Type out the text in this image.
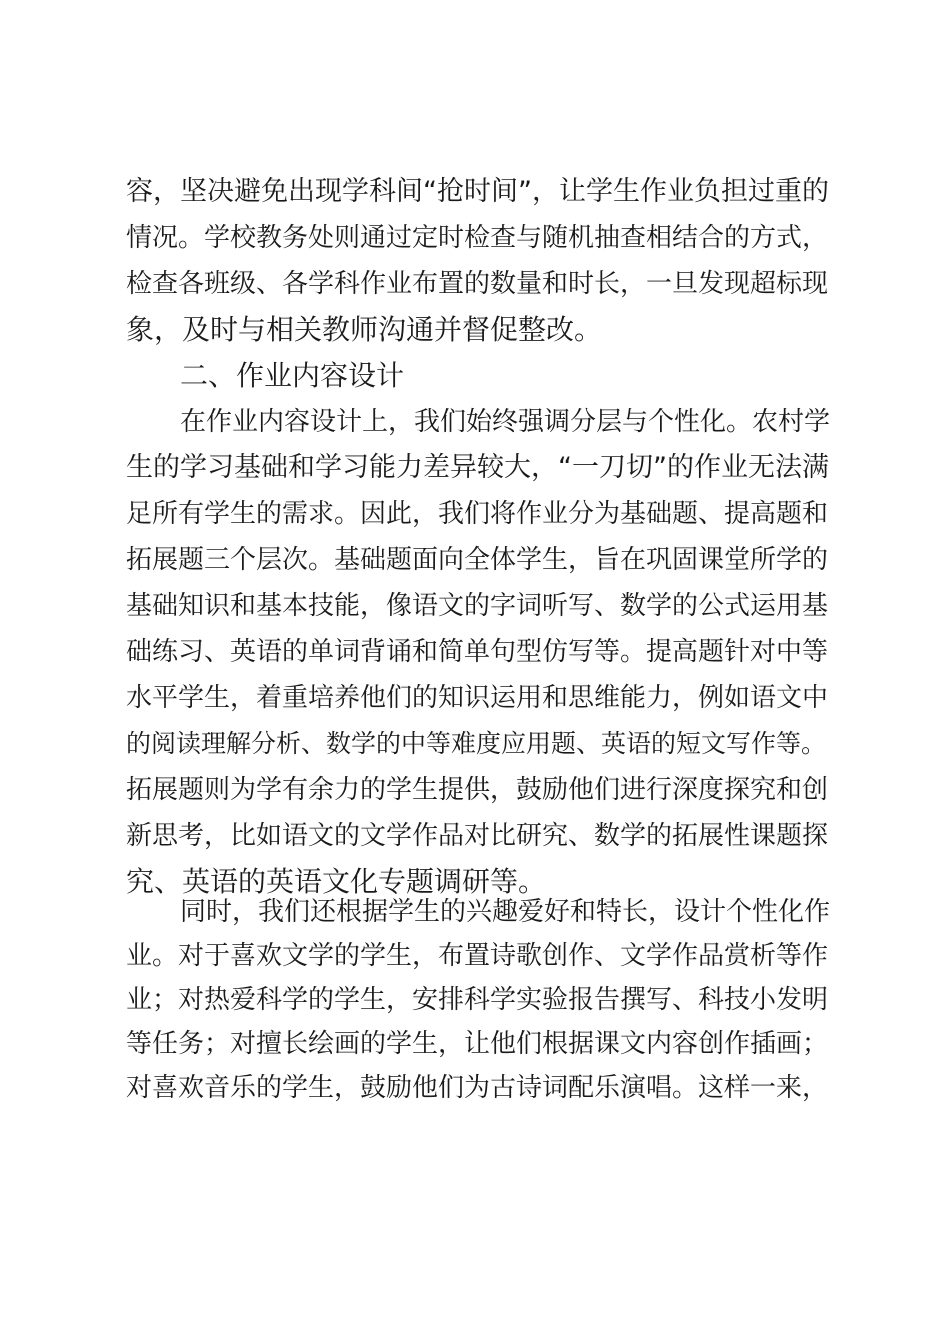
容，坚决避免出现学科间“抢时间”，让学生作业负担过重的
情况。学校教务处则通过定时检查与随机抽查相结合的方式，
检查各班级、各学科作业布置的数量和时长，一旦发现超标现
象，及时与相关教师沟通并督促整改。
二、作业内容设计
在作业内容设计上，我们始终强调分层与个性化。农村学
生的学习基础和学习能力差异较大，“一刀切”的作业无法满
足所有学生的需求。因此，我们将作业分为基础题、提高题和
拓展题三个层次。基础题面向全体学生，旨在巩固课堂所学的
基础知识和基本技能，像语文的字词听写、数学的公式运用基
础练习、英语的单词背诵和简单句型仿写等。提高题针对中等
水平学生，着重培养他们的知识运用和思维能力，例如语文中
的阅读理解分析、数学的中等难度应用题、英语的短文写作等。
拓展题则为学有余力的学生提供，鼓励他们进行深度探究和创
新思考，比如语文的文学作品对比研究、数学的拓展性课题探
究、英语的英语文化专题调研等。
同时，我们还根据学生的兴趣爱好和特长，设计个性化作
业。对于喜欢文学的学生，布置诗歌创作、文学作品赏析等作
业；对热爱科学的学生，安排科学实验报告撰写、科技小发明
等任务；对擅长绘画的学生，让他们根据课文内容创作插画；
对喜欢音乐的学生，鼓励他们为古诗词配乐演唱。这样一来，
